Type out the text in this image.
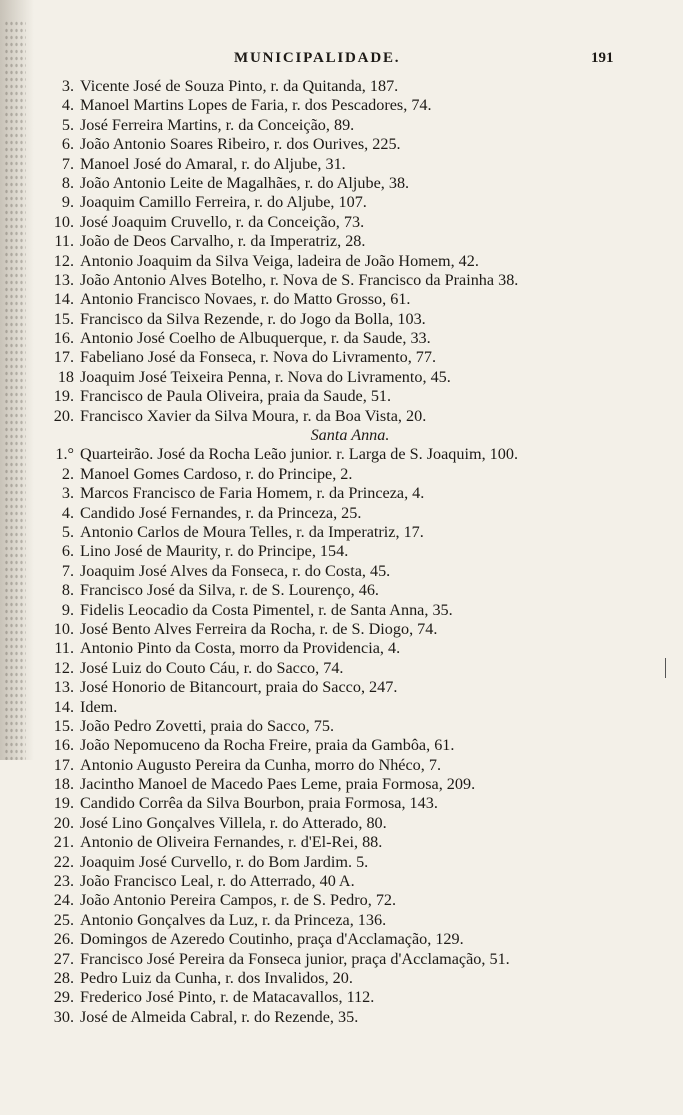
MUNICIPALIDADE.	191
3. Vicente José de Souza Pinto, r. da Quitanda, 187.
4. Manoel Martins Lopes de Faria, r. dos Pescadores, 74.
5. José Ferreira Martins, r. da Conceição, 89.
6. João Antonio Soares Ribeiro, r. dos Ourives, 225.
7. Manoel José do Amaral, r. do Aljube, 31.
8. João Antonio Leite de Magalhães, r. do Aljube, 38.
9. Joaquim Camillo Ferreira, r. do Aljube, 107.
10. José Joaquim Cruvello, r. da Conceição, 73.
11. João de Deos Carvalho, r. da Imperatriz, 28.
12. Antonio Joaquim da Silva Veiga, ladeira de João Homem, 42.
13. João Antonio Alves Botelho, r. Nova de S. Francisco da Prainha 38.
14. Antonio Francisco Novaes, r. do Matto Grosso, 61.
15. Francisco da Silva Rezende, r. do Jogo da Bolla, 103.
16. Antonio José Coelho de Albuquerque, r. da Saude, 33.
17. Fabeliano José da Fonseca, r. Nova do Livramento, 77.
18 Joaquim José Teixeira Penna, r. Nova do Livramento, 45.
19. Francisco de Paula Oliveira, praia da Saude, 51.
20. Francisco Xavier da Silva Moura, r. da Boa Vista, 20.
Santa Anna.
1.° Quarteirão. José da Rocha Leão junior. r. Larga de S. Joaquim, 100.
2. Manoel Gomes Cardoso, r. do Principe, 2.
3. Marcos Francisco de Faria Homem, r. da Princeza, 4.
4. Candido José Fernandes, r. da Princeza, 25.
5. Antonio Carlos de Moura Telles, r. da Imperatriz, 17.
6. Lino José de Maurity, r. do Principe, 154.
7. Joaquim José Alves da Fonseca, r. do Costa, 45.
8. Francisco José da Silva, r. de S. Lourenço, 46.
9. Fidelis Leocadio da Costa Pimentel, r. de Santa Anna, 35.
10. José Bento Alves Ferreira da Rocha, r. de S. Diogo, 74.
11. Antonio Pinto da Costa, morro da Providencia, 4.
12. José Luiz do Couto Cáu, r. do Sacco, 74.
13. José Honorio de Bitancourt, praia do Sacco, 247.
14. Idem.
15. João Pedro Zovetti, praia do Sacco, 75.
16. João Nepomuceno da Rocha Freire, praia da Gambôa, 61.
17. Antonio Augusto Pereira da Cunha, morro do Nhéco, 7.
18. Jacintho Manoel de Macedo Paes Leme, praia Formosa, 209.
19. Candido Corrêa da Silva Bourbon, praia Formosa, 143.
20. José Lino Gonçalves Villela, r. do Atterado, 80.
21. Antonio de Oliveira Fernandes, r. d'El-Rei, 88.
22. Joaquim José Curvello, r. do Bom Jardim. 5.
23. João Francisco Leal, r. do Atterrado, 40 A.
24. João Antonio Pereira Campos, r. de S. Pedro, 72.
25. Antonio Gonçalves da Luz, r. da Princeza, 136.
26. Domingos de Azeredo Coutinho, praça d'Acclamação, 129.
27. Francisco José Pereira da Fonseca junior, praça d'Acclamação, 51.
28. Pedro Luiz da Cunha, r. dos Invalidos, 20.
29. Frederico José Pinto, r. de Matacavallos, 112.
30. José de Almeida Cabral, r. do Rezende, 35.
